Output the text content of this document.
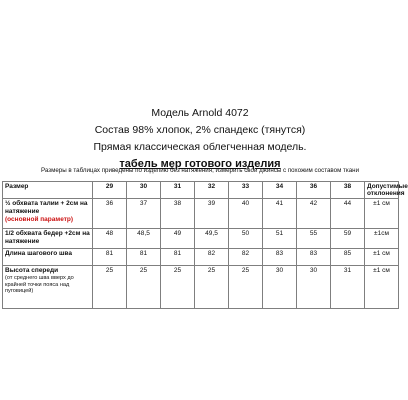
Модель Arnold 4072
Состав 98% хлопок, 2% спандекс (тянутся)
Прямая классическая облегченная модель.
табель мер готового изделия
Размеры в таблицах приведены по изделию без натяжения, измерить свои джинсы с похожим составом ткани
Размер	29	30	31	32	33	34	36	38	Допустимые отклонения
½ обхвата талии + 2см на натяжение
(основной параметр)	36	37	38	39	40	41	42	44	±1 см
1/2 обхвата бедер +2см на натяжение	48	48,5	49	49,5	50	51	55	59	±1см
Длина шагового шва	81	81	81	82	82	83	83	85	±1 см
Высота спереди
(от среднего шва вверх до крайней точки пояса над пуговицей)	25	25	25	25	25	30	30	31	±1 см
